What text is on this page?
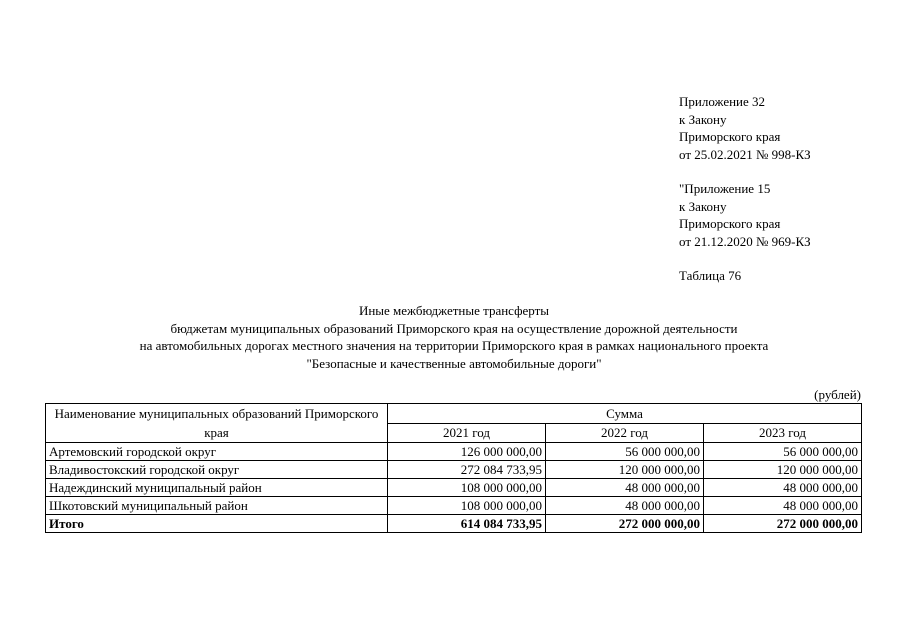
Приложение 32
к Закону
Приморского края
от 25.02.2021 № 998-КЗ
"Приложение 15
к Закону
Приморского края
от 21.12.2020 № 969-КЗ
Таблица 76
Иные межбюджетные трансферты
бюджетам муниципальных образований Приморского края на осуществление дорожной деятельности
на автомобильных дорогах местного значения на территории Приморского края в рамках национального проекта
"Безопасные и качественные автомобильные дороги"
(рублей)
Наименование муниципальных образований Приморского края	Сумма		
	2021 год	2022 год	2023 год
Артемовский городской округ	126 000 000,00	56 000 000,00	56 000 000,00
Владивостокский городской округ	272 084 733,95	120 000 000,00	120 000 000,00
Надеждинский муниципальный район	108 000 000,00	48 000 000,00	48 000 000,00
Шкотовский муниципальный район	108 000 000,00	48 000 000,00	48 000 000,00
Итого	614 084 733,95	272 000 000,00	272 000 000,00
